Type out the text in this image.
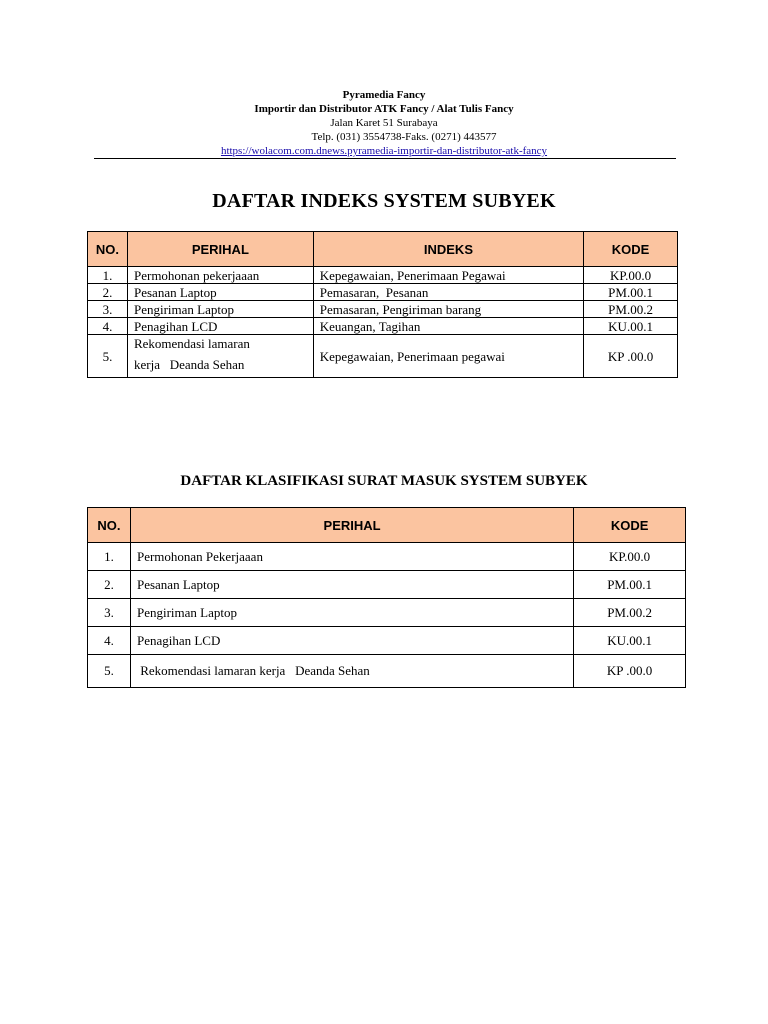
Pyramedia Fancy
Importir dan Distributor ATK Fancy / Alat Tulis Fancy
Jalan Karet 51 Surabaya
Telp. (031) 3554738-Faks. (0271) 443577
https://wolacom.com.dnews.pyramedia-importir-dan-distributor-atk-fancy
DAFTAR INDEKS SYSTEM SUBYEK
NO.	PERIHAL	INDEKS	KODE
1.	Permohonan pekerjaaan	Kepegawaian, Penerimaan Pegawai	KP.00.0
2.	Pesanan Laptop	Pemasaran,  Pesanan	PM.00.1
3.	Pengiriman Laptop	Pemasaran, Pengiriman barang	PM.00.2
4.	Penagihan LCD	Keuangan, Tagihan	KU.00.1
5.	Rekomendasi lamaran
kerja   Deanda Sehan	Kepegawaian, Penerimaan pegawai	KP .00.0
DAFTAR KLASIFIKASI SURAT MASUK SYSTEM SUBYEK
NO.	PERIHAL	KODE
1.	Permohonan Pekerjaaan	KP.00.0
2.	Pesanan Laptop	PM.00.1
3.	Pengiriman Laptop	PM.00.2
4.	Penagihan LCD	KU.00.1
5.	Rekomendasi lamaran kerja   Deanda Sehan	KP .00.0
